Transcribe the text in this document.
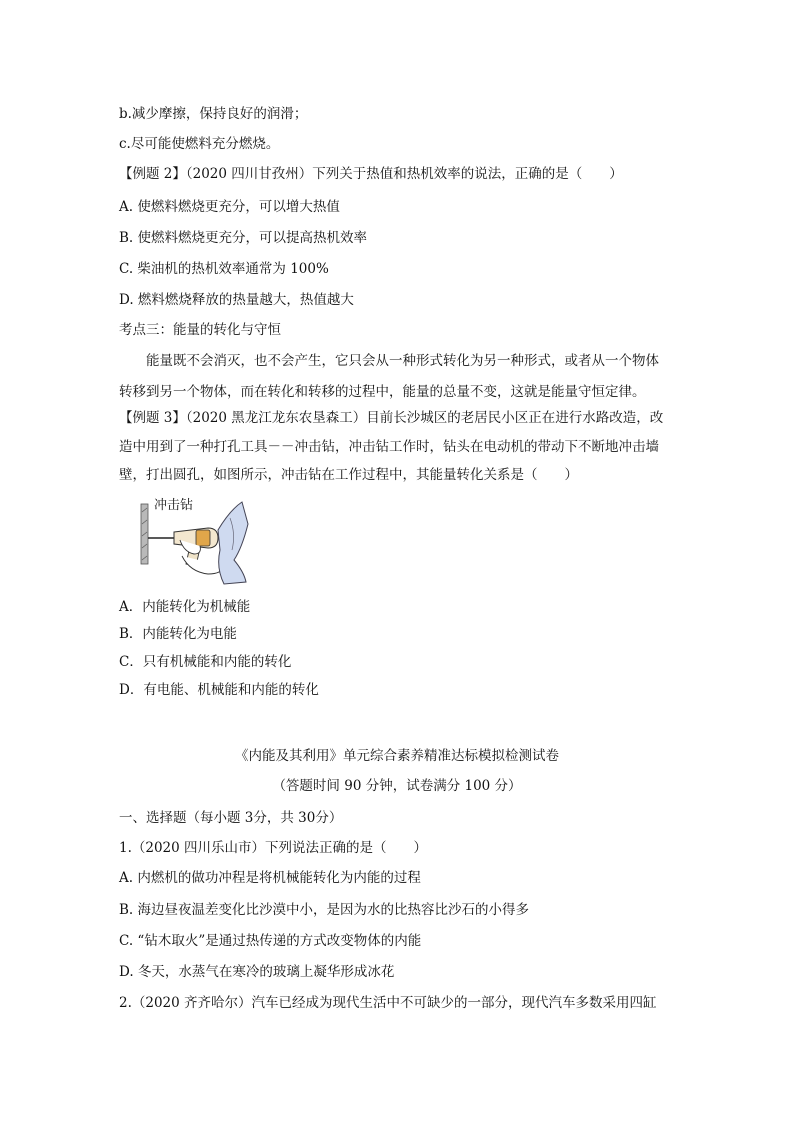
b.减少摩擦，保持良好的润滑；
c.尽可能使燃料充分燃烧。
【例题 2】（2020 四川甘孜州）下列关于热值和热机效率的说法，正确的是（　　）
A. 使燃料燃烧更充分，可以增大热值
B. 使燃料燃烧更充分，可以提高热机效率
C. 柴油机的热机效率通常为 100%
D. 燃料燃烧释放的热量越大，热值越大
考点三：能量的转化与守恒
能量既不会消灭，也不会产生，它只会从一种形式转化为另一种形式，或者从一个物体
转移到另一个物体，而在转化和转移的过程中，能量的总量不变，这就是能量守恒定律。
【例题 3】（2020 黑龙江龙东农垦森工）目前长沙城区的老居民小区正在进行水路改造，改
造中用到了一种打孔工具－－冲击钻，冲击钻工作时，钻头在电动机的带动下不断地冲击墙
壁，打出圆孔，如图所示，冲击钻在工作过程中，其能量转化关系是（　　）
冲击钻
A．内能转化为机械能
B．内能转化为电能
C．只有机械能和内能的转化
D．有电能、机械能和内能的转化
《内能及其利用》单元综合素养精准达标模拟检测试卷
（答题时间 90 分钟，试卷满分 100 分）
一、选择题（每小题 3分，共 30分）
1.（2020 四川乐山市）下列说法正确的是（　　）
A. 内燃机的做功冲程是将机械能转化为内能的过程
B. 海边昼夜温差变化比沙漠中小，是因为水的比热容比沙石的小得多
C. “钻木取火”是通过热传递的方式改变物体的内能
D. 冬天，水蒸气在寒冷的玻璃上凝华形成冰花
2.（2020 齐齐哈尔）汽车已经成为现代生活中不可缺少的一部分，现代汽车多数采用四缸
